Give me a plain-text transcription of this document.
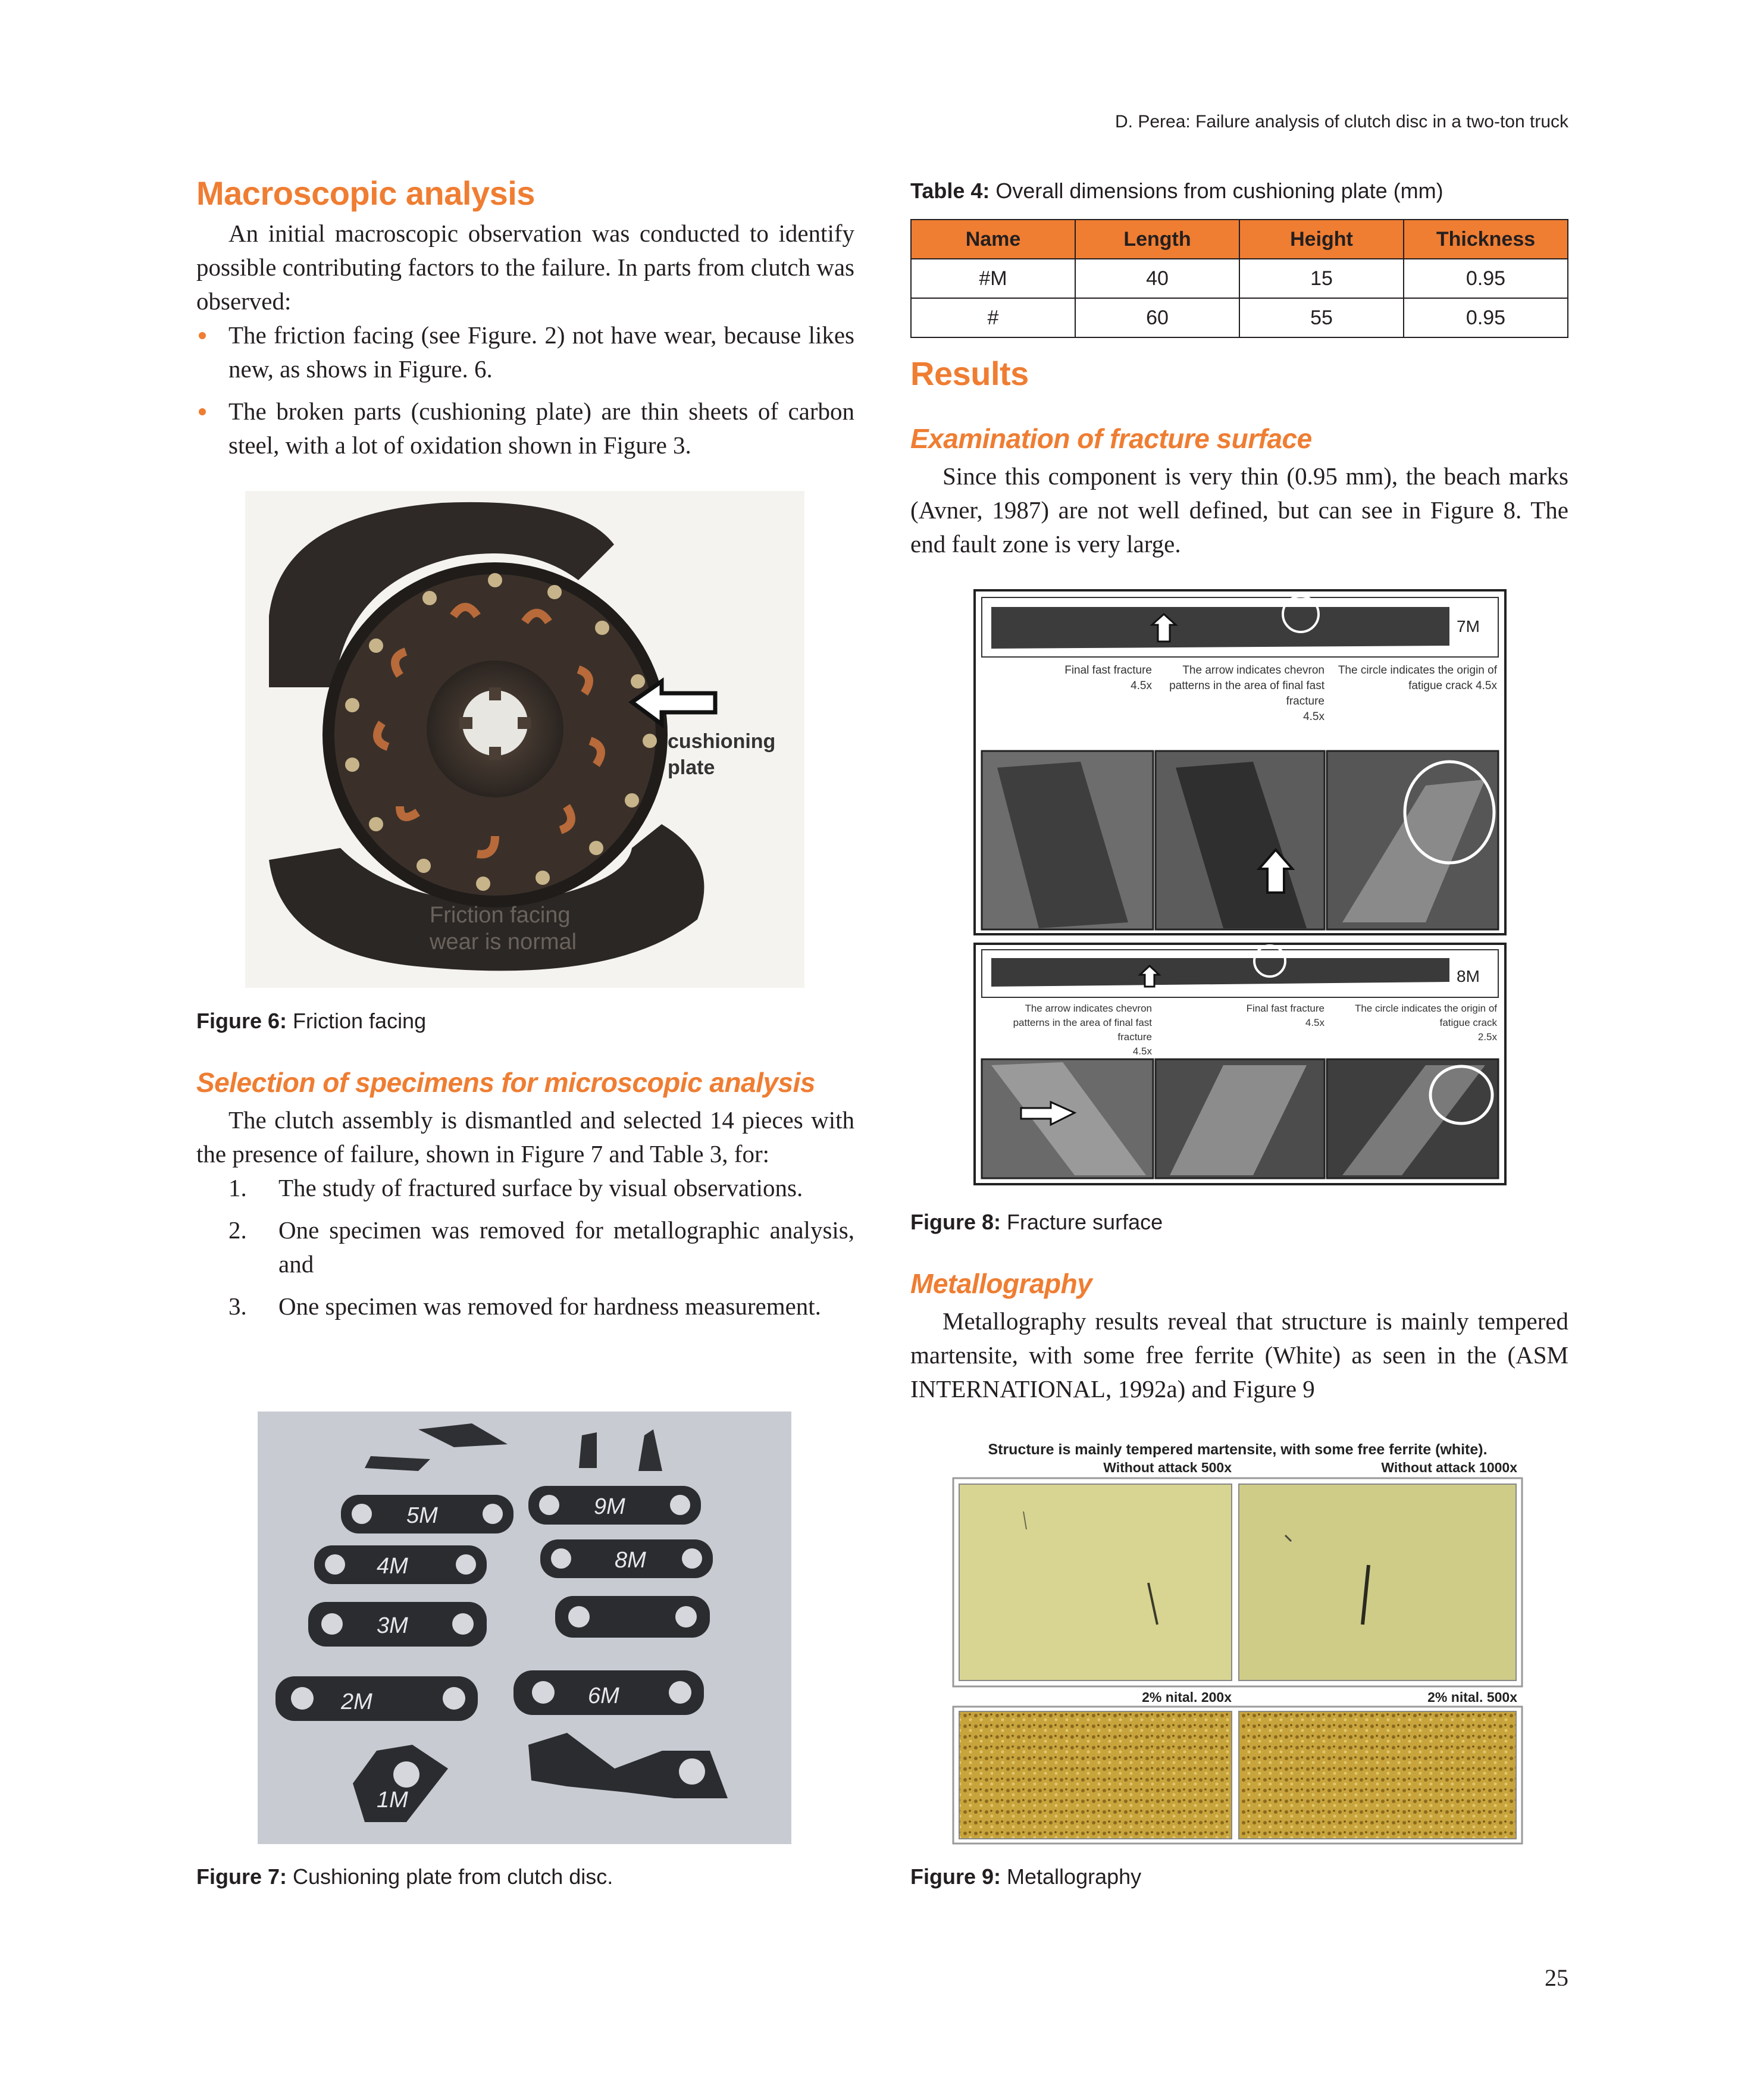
D. Perea: Failure analysis of clutch disc in a two-ton truck
Macroscopic analysis

An initial macroscopic observation was conducted to identify possible contributing factors to the failure. In parts from clutch was observed:

The friction facing (see Figure. 2) not have wear, because likes new, as shows in Figure. 6.
The broken parts (cushioning plate) are thin sheets of carbon steel, with a lot of oxidation shown in Figure 3.
cushioning
plate
Friction facing
wear is normal
Figure 6: Friction facing
Selection of specimens for microscopic analysis

The clutch assembly is dismantled and selected 14 pieces with the presence of failure, shown in Figure 7 and Table 3, for:

1. The study of fractured surface by visual observations.
2. One specimen was removed for metallographic analysis, and
3. One specimen was removed for hardness measurement.
5M	9M
4M	8M
3M
2M	6M
1M
Figure 7: Cushioning plate from clutch disc.
Table 4: Overall dimensions from cushioning plate (mm)
Name	Length	Height	Thickness
#M	40	15	0.95
#	60	55	0.95
Results
Examination of fracture surface

Since this component is very thin (0.95 mm), the beach marks (Avner, 1987) are not well defined, but can see in Figure 8. The end fault zone is very large.

7M
Final fast fracture
4.5x
The arrow indicates chevron
patterns in the area of final fast
fracture
4.5x
The circle indicates the origin of
fatigue crack 4.5x
8M
The arrow indicates chevron
patterns in the area of final fast
fracture
4.5x
Final fast fracture
4.5x
The circle indicates the origin of
fatigue crack
2.5x
Figure 8: Fracture surface
Metallography

Metallography results reveal that structure is mainly tempered martensite, with some free ferrite (White) as seen in the (ASM INTERNATIONAL, 1992a) and Figure 9

Structure is mainly tempered martensite, with some free ferrite (white).
Without attack 500x	Without attack 1000x
2% nital. 200x	2% nital. 500x
Figure 9: Metallography
25
